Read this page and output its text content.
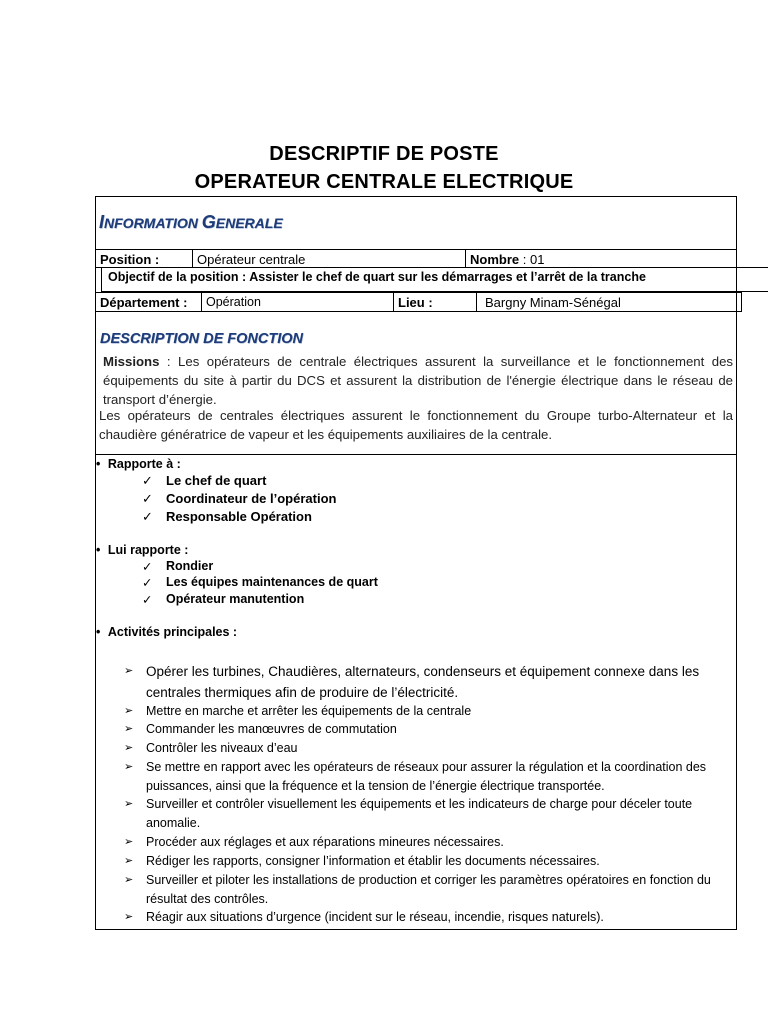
DESCRIPTIF DE POSTE
OPERATEUR CENTRALE ELECTRIQUE
INFORMATION GENERALE
Position :	Opérateur centrale	Nombre : 01
Objectif de la position : Assister le chef de quart sur les démarrages et l’arrêt de la tranche
Département :	Opération	Lieu :	Bargny Minam-Sénégal
DESCRIPTION DE FONCTION
Missions : Les opérateurs de centrale électriques assurent la surveillance et le fonctionnement des équipements du site à partir du DCS et assurent la distribution de l'énergie électrique dans le réseau de transport d’énergie.
Les opérateurs de centrales électriques assurent le fonctionnement du Groupe turbo-Alternateur et la chaudière génératrice de vapeur et les équipements auxiliaires de la centrale.
• Rapporte à :
✓ Le chef de quart
✓ Coordinateur de l’opération
✓ Responsable Opération
• Lui rapporte :
✓ Rondier
✓ Les équipes maintenances de quart
✓ Opérateur manutention
• Activités principales :
➢ Opérer les turbines, Chaudières, alternateurs, condenseurs et équipement connexe dans les centrales thermiques afin de produire de l’électricité.
➢ Mettre en marche et arrêter les équipements de la centrale
➢ Commander les manœuvres de commutation
➢ Contrôler les niveaux d’eau
➢ Se mettre en rapport avec les opérateurs de réseaux pour assurer la régulation et la coordination des puissances, ainsi que la fréquence et la tension de l’énergie électrique transportée.
➢ Surveiller et contrôler visuellement les équipements et les indicateurs de charge pour déceler toute anomalie.
➢ Procéder aux réglages et aux réparations mineures nécessaires.
➢ Rédiger les rapports, consigner l’information et établir les documents nécessaires.
➢ Surveiller et piloter les installations de production et corriger les paramètres opératoires en fonction du résultat des contrôles.
➢ Réagir aux situations d’urgence (incident sur le réseau, incendie, risques naturels).
